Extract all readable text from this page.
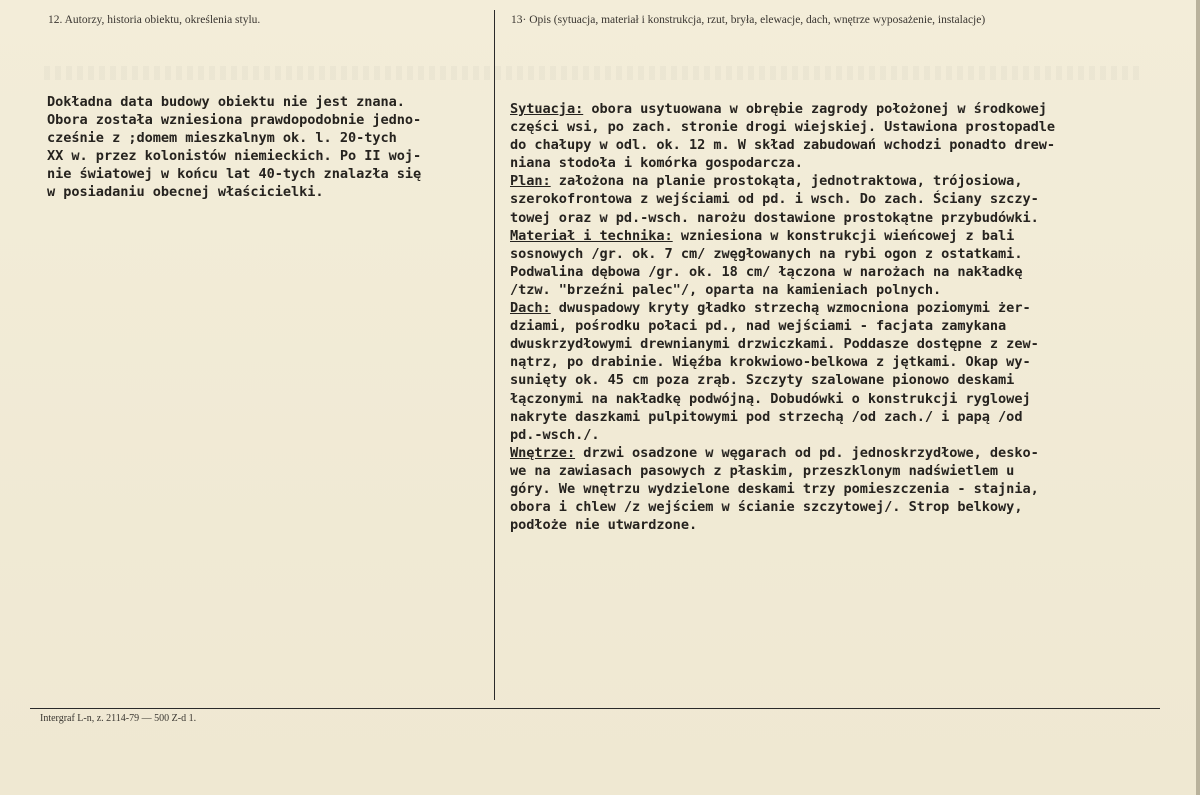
12. Autorzy, historia obiektu, określenia stylu.	13· Opis (sytuacja, materiał i konstrukcja, rzut, bryła, elewacje, dach, wnętrze wyposażenie, instalacje)
Dokładna data budowy obiektu nie jest znana.
Obora została wzniesiona prawdopodobnie jedno-
cześnie z ;domem mieszkalnym ok. l. 20-tych
XX w. przez kolonistów niemieckich. Po II woj-
nie światowej w końcu lat 40-tych znalazła się
w posiadaniu obecnej właścicielki.
Sytuacja: obora usytuowana w obrębie zagrody położonej w środkowej
części wsi, po zach. stronie drogi wiejskiej. Ustawiona prostopadle
do chałupy w odl. ok. 12 m. W skład zabudowań wchodzi ponadto drew-
niana stodoła i komórka gospodarcza.
Plan: założona na planie prostokąta, jednotraktowa, trójosiowa,
szerokofrontowa z wejściami od pd. i wsch. Do zach. Ściany szczy-
towej oraz w pd.-wsch. narożu dostawione prostokątne przybudówki.
Materiał i technika: wzniesiona w konstrukcji wieńcowej z bali
sosnowych /gr. ok. 7 cm/ zwęgłowanych na rybi ogon z ostatkami.
Podwalina dębowa /gr. ok. 18 cm/ łączona w narożach na nakładkę
/tzw. "brzeźni palec"/, oparta na kamieniach polnych.
Dach: dwuspadowy kryty gładko strzechą wzmocniona poziomymi żer-
dziami, pośrodku połaci pd., nad wejściami - facjata zamykana
dwuskrzydłowymi drewnianymi drzwiczkami. Poddasze dostępne z zew-
nątrz, po drabinie. Więźba krokwiowo-belkowa z jętkami. Okap wy-
sunięty ok. 45 cm poza zrąb. Szczyty szalowane pionowo deskami
łączonymi na nakładkę podwójną. Dobudówki o konstrukcji ryglowej
nakryte daszkami pulpitowymi pod strzechą /od zach./ i papą /od
pd.-wsch./.
Wnętrze: drzwi osadzone w węgarach od pd. jednoskrzydłowe, desko-
we na zawiasach pasowych z płaskim, przeszklonym nadświetlem u
góry. We wnętrzu wydzielone deskami trzy pomieszczenia - stajnia,
obora i chlew /z wejściem w ścianie szczytowej/. Strop belkowy,
podłoże nie utwardzone.
Intergraf L-n, z. 2114-79 — 500 Z-d 1.
